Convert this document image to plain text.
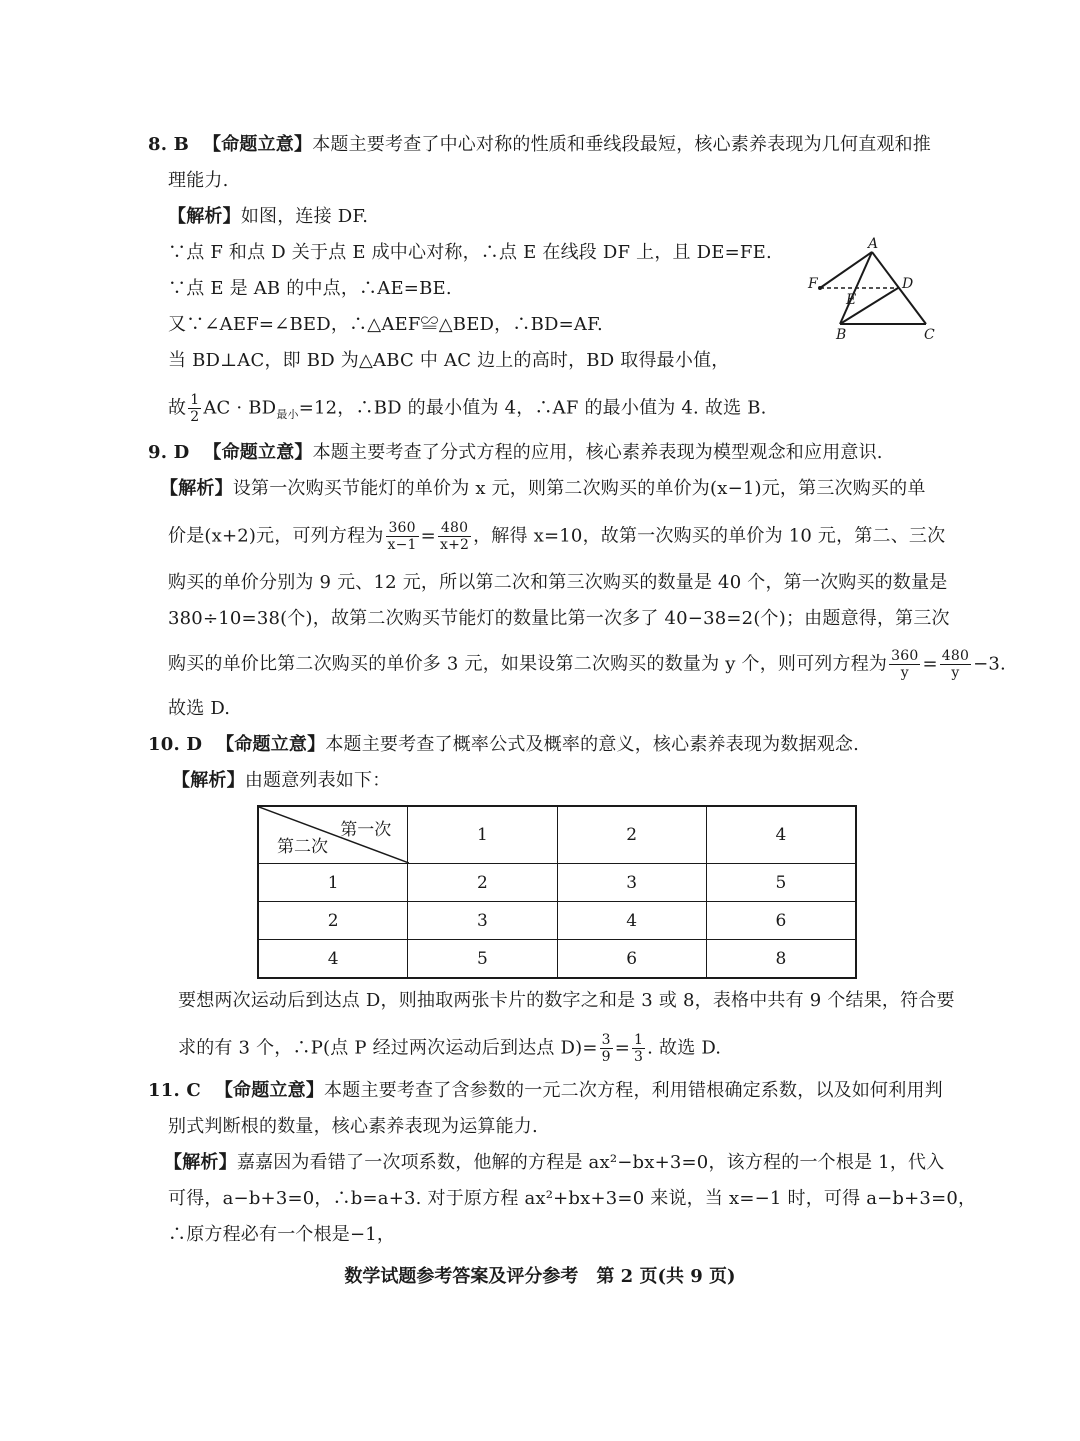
8. B 【命题立意】本题主要考查了中心对称的性质和垂线段最短，核心素养表现为几何直观和推
理能力.
【解析】如图，连接 DF.
∵点 F 和点 D 关于点 E 成中心对称，∴点 E 在线段 DF 上，且 DE=FE.
∵点 E 是 AB 的中点，∴AE=BE.
又∵∠AEF=∠BED，∴△AEF≌△BED，∴BD=AF.
当 BD⊥AC，即 BD 为△ABC 中 AC 边上的高时，BD 取得最小值，
故 $\frac{1}{2}$ AC · $BD_{最小}=12$，∴BD 的最小值为 4，∴AF 的最小值为 4. 故选 B.
A
B	C
D
E
F
9. D 【命题立意】本题主要考查了分式方程的应用，核心素养表现为模型观念和应用意识.
【解析】设第一次购买节能灯的单价为 x 元，则第二次购买的单价为(x−1)元，第三次购买的单
价是(x+2)元，可列方程为 $\frac{360}{x-1} = \frac{480}{x+2}$ ，解得 x=10，故第一次购买的单价为 10 元，第二、三次
购买的单价分别为 9 元、12 元，所以第二次和第三次购买的数量是 40 个，第一次购买的数量是
380÷10=38(个)，故第二次购买节能灯的数量比第一次多了 40−38=2(个)；由题意得，第三次
购买的单价比第二次购买的单价多 3 元，如果设第二次购买的数量为 y 个，则可列方程为 $\frac{360}{y} = \frac{480}{y} -3$.
故选 D.
10. D 【命题立意】本题主要考查了概率公式及概率的意义，核心素养表现为数据观念.
【解析】由题意列表如下：
第一次
第二次	1	2	4
1	2	3	5
2	3	4	6
4	5	6	8
要想两次运动后到达点 D，则抽取两张卡片的数字之和是 3 或 8，表格中共有 9 个结果，符合要
求的有 3 个，∴P(点 P 经过两次运动后到达点 $D)= \frac{3}{9} = \frac{1}{3}$ . 故选 D.
11. C 【命题立意】本题主要考查了含参数的一元二次方程，利用错根确定系数，以及如何利用判
别式判断根的数量，核心素养表现为运算能力.
【解析】嘉嘉因为看错了一次项系数，他解的方程是 ax²−bx+3=0，该方程的一个根是 1，代入
可得，a−b+3=0，∴b=a+3. 对于原方程 ax²+bx+3=0 来说，当 x=−1 时，可得 a−b+3=0，
∴原方程必有一个根是−1，
数学试题参考答案及评分参考　第 2 页(共 9 页)
